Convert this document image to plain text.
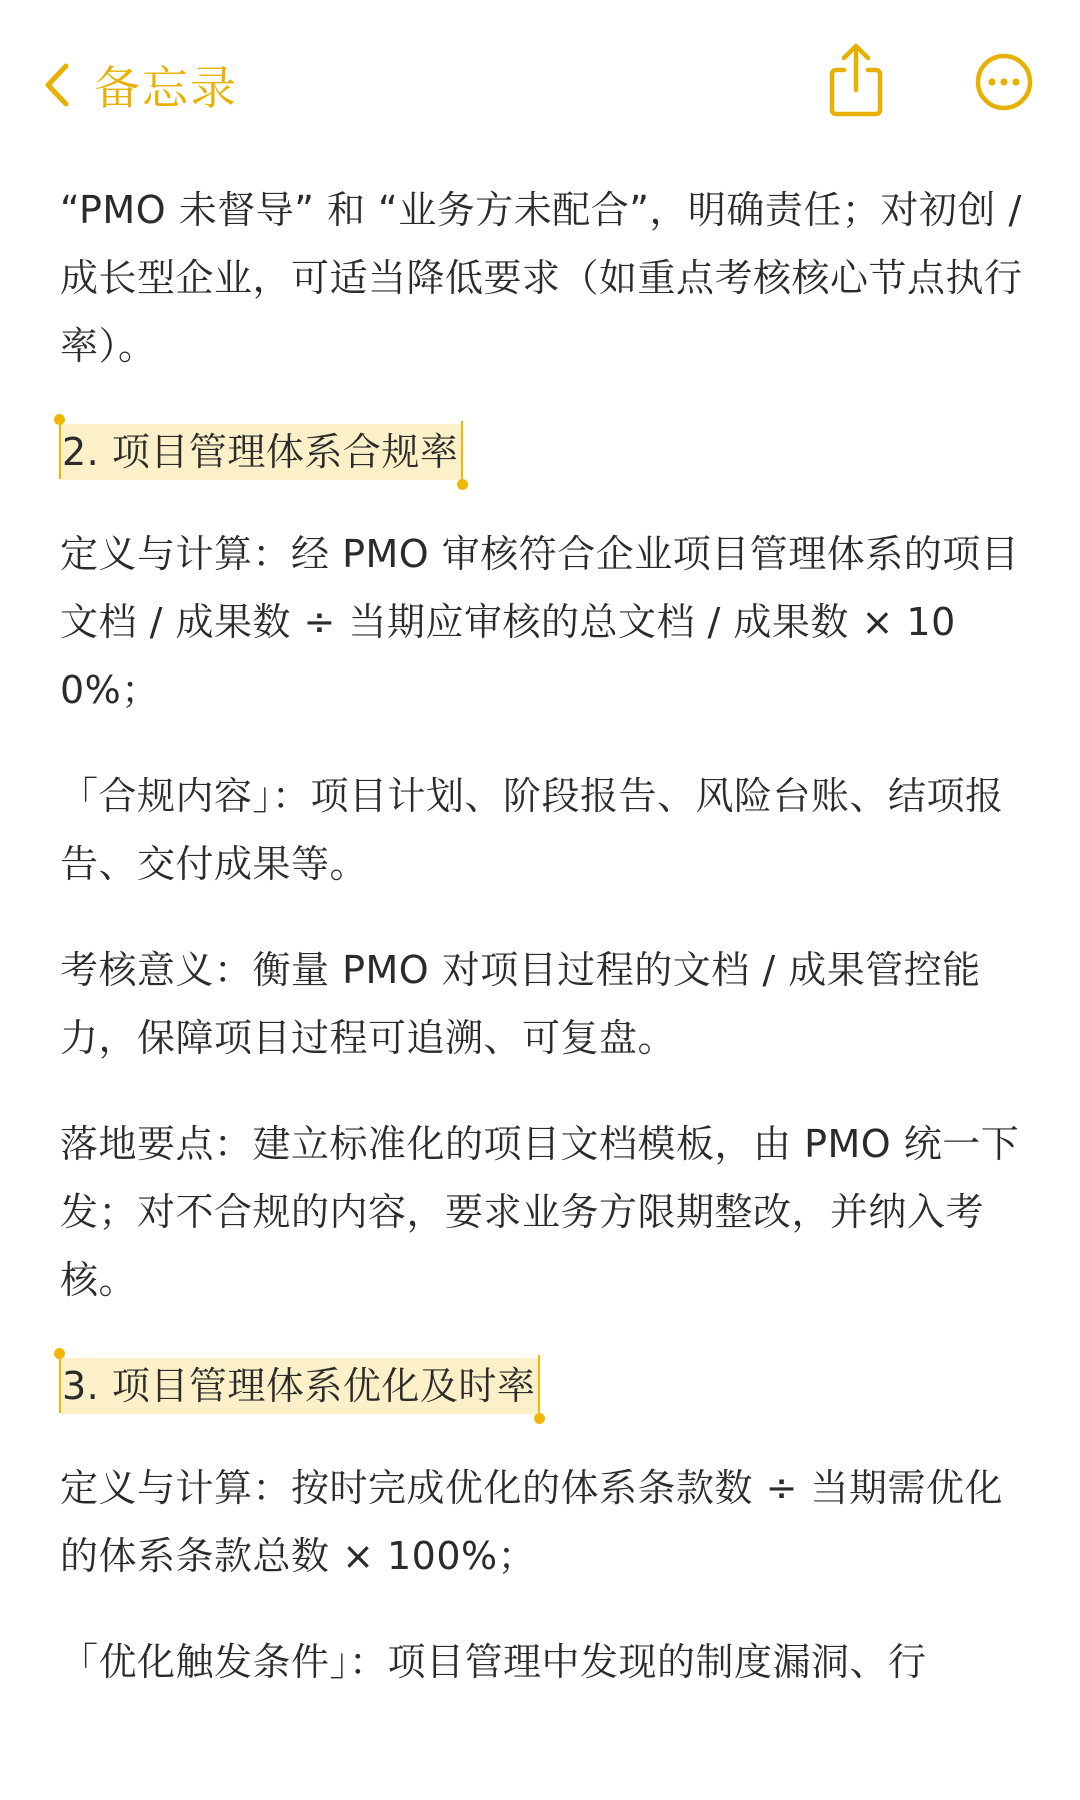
备忘录

“PMO 未督导” 和 “业务方未配合”，明确责任；对初创 / 成长型企业，可适当降低要求（如重点考核核心节点执行率）。

2. 项目管理体系合规率

定义与计算：经 PMO 审核符合企业项目管理体系的项目文档 / 成果数 ÷ 当期应审核的总文档 / 成果数 × 100%；

「合规内容」：项目计划、阶段报告、风险台账、结项报告、交付成果等。

考核意义：衡量 PMO 对项目过程的文档 / 成果管控能力，保障项目过程可追溯、可复盘。

落地要点：建立标准化的项目文档模板，由 PMO 统一下发；对不合规的内容，要求业务方限期整改，并纳入考核。

3. 项目管理体系优化及时率

定义与计算：按时完成优化的体系条款数 ÷ 当期需优化的体系条款总数 × 100%；

「优化触发条件」：项目管理中发现的制度漏洞、行
